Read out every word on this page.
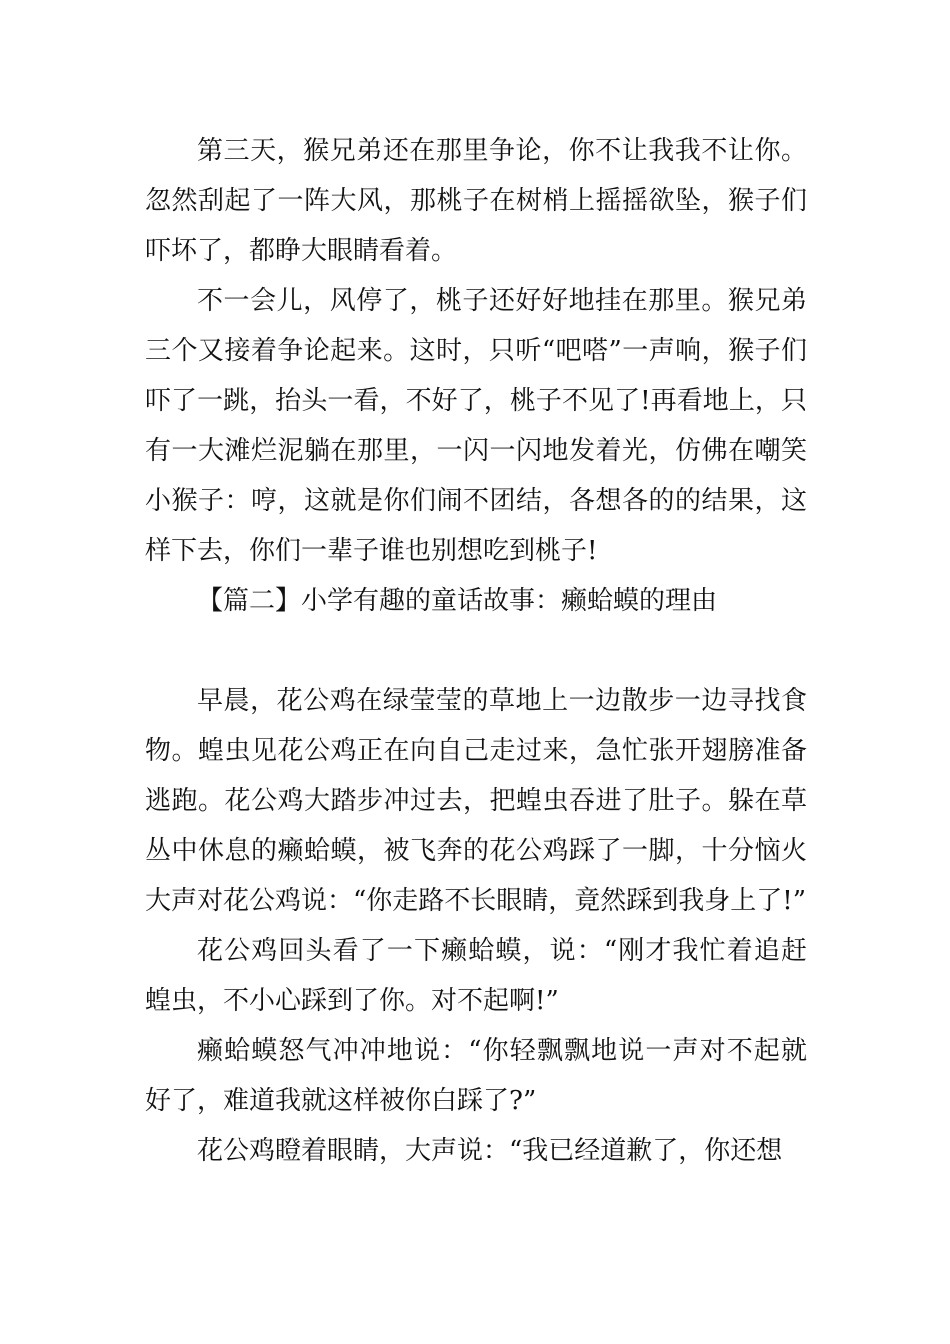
第三天，猴兄弟还在那里争论，你不让我我不让你。忽然刮起了一阵大风，那桃子在树梢上摇摇欲坠，猴子们吓坏了，都睁大眼睛看着。

不一会儿，风停了，桃子还好好地挂在那里。猴兄弟三个又接着争论起来。这时，只听“吧嗒”一声响，猴子们吓了一跳，抬头一看，不好了，桃子不见了!再看地上，只有一大滩烂泥躺在那里，一闪一闪地发着光，仿佛在嘲笑小猴子：哼，这就是你们闹不团结，各想各的的结果，这样下去，你们一辈子谁也别想吃到桃子!

【篇二】小学有趣的童话故事：癞蛤蟆的理由

早晨，花公鸡在绿莹莹的草地上一边散步一边寻找食物。蝗虫见花公鸡正在向自己走过来，急忙张开翅膀准备逃跑。花公鸡大踏步冲过去，把蝗虫吞进了肚子。躲在草丛中休息的癞蛤蟆，被飞奔的花公鸡踩了一脚，十分恼火大声对花公鸡说：“你走路不长眼睛，竟然踩到我身上了!”

花公鸡回头看了一下癞蛤蟆，说：“刚才我忙着追赶蝗虫，不小心踩到了你。对不起啊!”

癞蛤蟆怒气冲冲地说：“你轻飘飘地说一声对不起就好了，难道我就这样被你白踩了?”

花公鸡瞪着眼睛，大声说：“我已经道歉了，你还想
